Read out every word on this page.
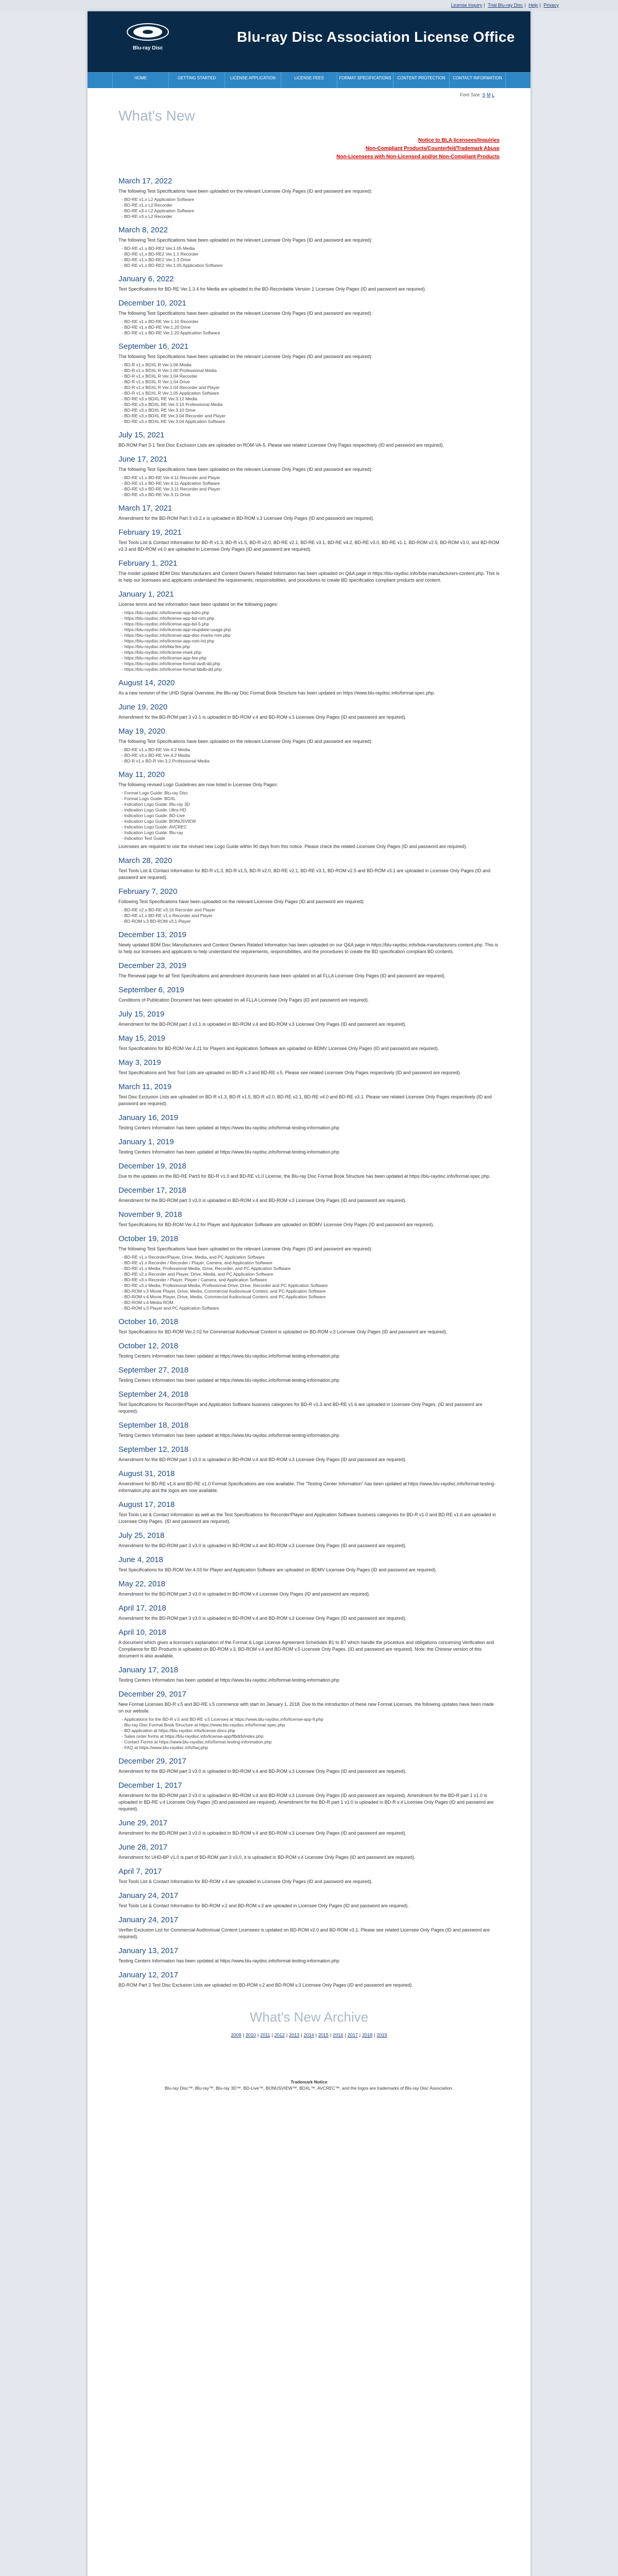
License Inquiry | Trial Blu-ray Disc | Help | Privacy
Blu-ray Disc
Blu-ray Disc Association License Office
HOME	GETTING STARTED	LICENSE APPLICATION	LICENSE FEES	FORMAT SPECIFICATIONS	CONTENT PROTECTION	CONTACT INFORMATION
Font Size: S M L
What's New
Notice to BLA licensees/Inquiries
Non-Compliant Products/Counterfeit/Trademark Abuse
Non-Licensees with Non-Licensed and/or Non-Compliant Products
March 17, 2022

The following Test Specifications have been uploaded on the relevant Licensee Only Pages (ID and password are required):

- BD-RE v1.x L2 Application Software
- BD-RE v1.x L2 Recorder
- BD-RE v3.x L2 Application Software
- BD-RE v3.x L2 Recorder
March 8, 2022

The following Test Specifications have been uploaded on the relevant Licensee Only Pages (ID and password are required):

- BD-RE v1.x BD-RE2 Ver.1.05 Media
- BD-RE v1.x BD-RE2 Ver.1.1 Recorder
- BD-RE v1.x BD-RE2 Ver.1.3 Drive
- BD-RE v1.x BD-RE2 Ver.1.05 Application Software
January 6, 2022

Test Specifications for BD-RE Ver.1.3.4 for Media are uploaded to the BD-Recordable Version 1 Licensee Only Pages (ID and password are required).

December 10, 2021

The following Test Specifications have been uploaded on the relevant Licensee Only Pages (ID and password are required):

- BD-RE v1.x BD-RE Ver.1.10 Recorder
- BD-RE v1.x BD-RE Ver.1.20 Drive
- BD-RE v1.x BD-RE Ver.1.20 Application Software
September 16, 2021

The following Test Specifications have been uploaded on the relevant Licensee Only Pages (ID and password are required):

- BD-R v1.x BDXL R Ver.1.06 Media
- BD-R v1.x BDXL R Ver.1.00 Professional Media
- BD-R v1.x BDXL R Ver.1.04 Recorder
- BD-R v1.x BDXL R Ver.1.04 Drive
- BD-R v1.x BDXL R Ver.1.04 Recorder and Player
- BD-R v1.x BDXL R Ver.1.05 Application Software
- BD-RE v3.x BDXL RE Ver.3.12 Media
- BD-RE v3.x BDXL RE Ver.3.10 Professional Media
- BD-RE v3.x BDXL RE Ver.3.10 Drive
- BD-RE v3.x BDXL RE Ver.3.04 Recorder and Player
- BD-RE v3.x BDXL RE Ver.3.04 Application Software
July 15, 2021

BD-ROM Part 3-1 Test Disc Exclusion Lists are uploaded on ROM-VA-5. Please see related Licensee Only Pages respectively (ID and password are required).

June 17, 2021

The following Test Specifications have been uploaded on the relevant Licensee Only Pages (ID and password are required):

- BD-RE v1.x BD-RE Ver.4.11 Recorder and Player
- BD-RE v1.x BD-RE Ver.4.11 Application Software
- BD-RE v3.x BD-RE Ver.3.11 Recorder and Player
- BD-RE v3.x BD-RE Ver.3.11 Drive
March 17, 2021

Amendment for the BD-ROM Part 3 v3.2.x is uploaded in BD-ROM v.3 Licensee Only Pages (ID and password are required).

February 19, 2021

Test Tools List & Contact Information for BD-R v1.3, BD-R v1.5, BD-R v2.0, BD-RE v2.1, BD-RE v3.1, BD-RE v4.2, BD-RE v3.0, BD-RE v1.1, BD-ROM v2.5, BD-ROM v3.0, and BD-ROM v3.3 and BD-ROM v4.0 are uploaded in Licensee Only Pages (ID and password are required).

February 1, 2021

The model updated BDM Disc Manufacturers and Content Owners Related Information has been uploaded on Q&A page in https://blu-raydisc.info/bda-manufacturers-content.php. This is to help our licensees and applicants understand the requirements, responsibilities, and procedures to create BD specification compliant products and content.

January 1, 2021

License terms and fee information have been updated on the following pages:

- https://blu-raydisc.info/license-app-bdro.php
- https://blu-raydisc.info/license-app-bd-rom.php
- https://blu-raydisc.info/license-app-bd-5.php
- https://blu-raydisc.info/license-app-reupdate-usage.php
- https://blu-raydisc.info/license-app-disc-marks-rom.php
- https://blu-raydisc.info/license-app-rom-hd.php
- https://blu-raydisc.info/bla-fee.php
- https://blu-raydisc.info/license-mark.php
- https://blu-raydisc.info/license-app-fee.php
- https://blu-raydisc.info/license-format-avdt-dd.php
- https://blu-raydisc.info/license-format-bbdb-dd.php
August 14, 2020

As a new revision of the UHD Signal Overview, the Blu-ray Disc Format Book Structure has been updated on https://www.blu-raydisc.info/format-spec.php.

June 19, 2020

Amendment for the BD-ROM part 3 v3.1 is uploaded in BD-ROM v.4 and BD-ROM v.3 Licensee Only Pages (ID and password are required).

May 19, 2020

The following Test Specifications have been uploaded on the relevant Licensee Only Pages (ID and password are required):

- BD-RE v1.x BD-RE Ver.4.2 Media
- BD-RE v3.x BD-RE Ver.4.2 Media
- BD-R v1.x BD-R Ver.3.2 Professional Media
May 11, 2020

The following revised Logo Guidelines are now listed in Licensee Only Pages:

- Format Logo Guide: Blu-ray Disc
- Format Logo Guide: BDXL
- Indication Logo Guide: Blu-ray 3D
- Indication Logo Guide: Ultra HD
- Indication Logo Guide: BD-Live
- Indication Logo Guide: BONUSVIEW
- Indication Logo Guide: AVCREC
- Indication Logo Guide: Blu-ray
- Indication Text Guide

Licensees are required to use the revised new Logo Guide within 90 days from this notice. Please check the related Licensee Only Pages (ID and password are required).

March 28, 2020

Test Tools List & Contact Information for BD-R v1.3, BD-R v1.5, BD-R v2.0, BD-RE v2.1, BD-RE v3.1, BD-ROM v2.5 and BD-ROM v3.1 are uploaded in Licensee Only Pages (ID and password are required).

February 7, 2020

Following Test Specifications have been uploaded on the relevant Licensee Only Pages (ID and password are required):

- BD-RE v2.x BD-RE v3.16 Recorder and Player
- BD-RE v1.x BD-RE v1.x Recorder and Player
- BD-ROM v.3 BD-ROM v3.1 Player
December 13, 2019

Newly updated BDM Disc Manufacturers and Content Owners Related Information has been uploaded on our Q&A page in https://blu-raydisc.info/bda-manufacturers-content.php. This is to help our licensees and applicants to help understand the requirements, responsibilities, and the procedures to create the BD specification compliant BD contents.

December 23, 2019

The Renewal page for all Test Specifications and amendment documents have been updated on all FLLA Licensee Only Pages (ID and password are required).

September 6, 2019

Conditions of Publication Document has been uploaded on all FLLA Licensee Only Pages (ID and password are required).

July 15, 2019

Amendment for the BD-ROM part 3 v3.1 is uploaded in BD-ROM v.4 and BD-ROM v.3 Licensee Only Pages (ID and password are required).

May 15, 2019

Test Specifications for BD-ROM Ver.4.21 for Players and Application Software are uploaded on BDMV Licensee Only Pages (ID and password are required).

May 3, 2019

Test Specifications and Test Tool Lists are uploaded on BD-R v.3 and BD-RE v.5. Please see related Licensee Only Pages respectively (ID and password are required).

March 11, 2019

Test Disc Exclusion Lists are uploaded on BD-R v1.3, BD-R v1.5, BD-R v2.0, BD-RE v2.1, BD-RE v4.0 and BD-RE v3.1. Please see related Licensee Only Pages respectively (ID and password are required).

January 16, 2019

Testing Centers Information has been updated at https://www.blu-raydisc.info/format-testing-information.php

January 1, 2019

Testing Centers Information has been updated at https://www.blu-raydisc.info/format-testing-information.php

December 19, 2018

Due to the updates on the BD-RE Part3 for BD-R v1.0 and BD-RE v1.0 License, the Blu-ray Disc Format Book Structure has been updated at https://blu-raydisc.info/format-spec.php.

December 17, 2018

Amendment for the BD-ROM part 3 v3.0 is uploaded in BD-ROM v.4 and BD-ROM v.3 Licensee Only Pages (ID and password are required).

November 9, 2018

Test Specifications for BD-ROM Ver.4.2 for Player and Application Software are uploaded on BDMV Licensee Only Pages (ID and password are required).

October 19, 2018

The following Test Specifications have been uploaded on the relevant Licensee Only Pages (ID and password are required):

- BD-RE v1.x Recorder/Player, Drive, Media, and PC Application Software
- BD-RE v1.x Recorder / Recorder / Player, Camera, and Application Software
- BD-RE v1.x Media, Professional Media, Drive, Recorder, and PC Application Software
- BD-RE v2.x Recorder and Player, Drive, Media, and PC Application Software
- BD-RE v3.x Recorder / Player, Player / Camera, and Application Software
- BD-RE v3.x Media, Professional Media, Professional Drive, Drive, Recorder and PC Application Software
- BD-ROM v.3 Movie Player, Drive, Media, Commercial Audiovisual Content, and PC Application Software
- BD-ROM v.4 Movie Player, Drive, Media, Commercial Audiovisual Content, and PC Application Software
- BD-ROM v.4 Media ROM
- BD-ROM v.3 Player and PC Application Software
October 16, 2018

Test Specifications for BD-ROM Ver.2.02 for Commercial Audiovisual Content is uploaded on BD-ROM v.3 Licensee Only Pages (ID and password are required).

October 12, 2018

Testing Centers Information has been updated at https://www.blu-raydisc.info/format-testing-information.php

September 27, 2018

Testing Centers Information has been updated at https://www.blu-raydisc.info/format-testing-information.php

September 24, 2018

Test Specifications for Recorder/Player and Application Software business categories for BD-R v1.3 and BD-RE v1.6 are uploaded in Licensee Only Pages. (ID and password are required).

September 18, 2018

Testing Centers Information has been updated at https://www.blu-raydisc.info/format-testing-information.php

September 12, 2018

Amendment for the BD-ROM part 3 v3.0 is uploaded in BD-ROM v.4 and BD-ROM v.3 Licensee Only Pages (ID and password are required).

August 31, 2018

Amendment for BD-RE v1.6 and BD-RE v1.0 Format Specifications are now available. The "Testing Center Information" has been updated at https://www.blu-raydisc.info/format-testing-information.php and the logos are now available.

August 17, 2018

Test Tools List & Contact Information as well as the Test Specifications for Recorder/Player and Application Software business categories for BD-R v1.0 and BD-RE v1.6 are uploaded in Licensee Only Pages. (ID and password are required).

July 25, 2018

Amendment for the BD-ROM part 3 v3.0 is uploaded in BD-ROM v.4 and BD-ROM v.3 Licensee Only Pages (ID and password are required).

June 4, 2018

Test Specifications for BD-ROM Ver.4.03 for Player and Application Software are uploaded on BDMV Licensee Only Pages (ID and password are required).

May 22, 2018

Amendment for the BD-ROM part 3 v3.0 is uploaded in BD-ROM v.4 Licensee Only Pages (ID and password are required).

April 17, 2018

Amendment for the BD-ROM part 3 v3.0 is uploaded in BD-ROM v.4 and BD-ROM v.3 Licensee Only Pages (ID and password are required).

April 10, 2018

A document which gives a licensee's explanation of the Format & Logo License Agreement Schedules B1 to B7 which handle the procedure and obligations concerning Verification and Compliance for BD Products is uploaded on BD-ROM v.3, BD-ROM v.4 and BD-ROM v.5 Licensee Only Pages. (ID and password are required). Note: the Chinese version of this document is also available.

January 17, 2018

Testing Centers Information has been updated at https://www.blu-raydisc.info/format-testing-information.php

December 29, 2017

New Format Licenses BD-R v.5 and BD-RE v.5 commence with start on January 1, 2018. Due to the introduction of these new Format Licenses, the following updates have been made on our website.

- Applications for the BD-R v.5 and BD-RE v.5 Licenses at https://www.blu-raydisc.info/license-app-fl.php
- Blu-ray Disc Format Book Structure at https://www.blu-raydisc.info/format-spec.php
- BD application at https://blu-raydisc.info/license-docs.php
- Sales order forms at https://blu-raydisc.info/license-app/flbdrb/index.php
- Contact Forms at https://www.blu-raydisc.info/format-testing-information.php
- FAQ at https://www.blu-raydisc.info/faq.php
December 29, 2017

Amendment for the BD-ROM part 3 v3.0 is uploaded in BD-ROM v.4 and BD-ROM v.3 Licensee Only Pages (ID and password are required).

December 1, 2017

Amendment for the BD-ROM part 3 v3.0 is uploaded in BD-ROM v.4 and BD-ROM v.3 Licensee Only Pages (ID and password are required). Amendment for the BD-R part 1 v1.0 is uploaded in BD-RE v.4 Licensee Only Pages (ID and password are required). Amendment for the BD-R part 1 v1.0 is uploaded in BD-R v.4 Licensee Only Pages (ID and password are required).

June 29, 2017

Amendment for the BD-ROM part 3 v3.0 is uploaded in BD-ROM v.4 and BD-ROM v.3 Licensee Only Pages (ID and password are required).

June 28, 2017

Amendment for UHD-BP v1.0 is part of BD-ROM part 3 v3.0, it is uploaded in BD-ROM v.4 Licensee Only Pages (ID and password are required).

April 7, 2017

Test Tools List & Contact Information for BD-ROM v.4 are uploaded in Licensee Only Pages (ID and password are required).

January 24, 2017

Test Tools List & Contact Information for BD-ROM v.2 and BD-ROM v.3 are uploaded in Licensee Only Pages (ID and password are required).

January 24, 2017

Verifier Exclusion List for Commercial Audiovisual Content Licensees is updated on BD-ROM v2.0 and BD-ROM v3.1. Please see related Licensee Only Pages (ID and password are required).

January 13, 2017

Testing Centers Information has been updated at https://www.blu-raydisc.info/format-testing-information.php

January 12, 2017

BD-ROM Part 3 Test Disc Exclusion Lists are uploaded on BD-ROM v.2 and BD-ROM v.3 Licensee Only Pages (ID and password are required).

What's New Archive
2009 | 2010 | 2011 | 2012 | 2013 | 2014 | 2015 | 2016 | 2017 | 2018 | 2019
Trademark Notice
Blu-ray Disc™, Blu-ray™, Blu-ray 3D™, BD-Live™, BONUSVIEW™, BDXL™, AVCREC™, and the logos are trademarks of Blu-ray Disc Association.
